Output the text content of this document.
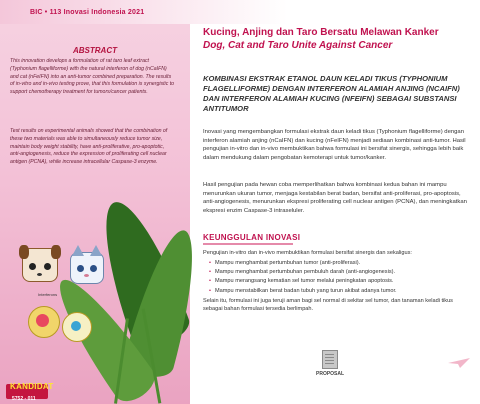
BIC • 113 Inovasi Indonesia 2021
ABSTRACT
This innovation develops a formulation of rat taro leaf extract (Typhonium flagelliforme) with the natural interferon of dog (nCaIFN) and cat (nFeIFN) into an anti-tumor combined preparation. The results of in-vitro and in-vivo testing prove, that this formulation is synergistic to support chemotherapy treatment for tumors/cancer patients.
Test results on experimental animals showed that the combination of these two materials was able to simultaneously reduce tumor size, maintain body weight stability, have anti-proliferative, pro-apoptotic, anti-angiogenesis, reduce the expression of proliferating cell nuclear antigen (PCNA), while increase intracellular Caspase-3 enzyme.
Interferons
KANDIDAT
5752 - 011
Kucing, Anjing dan Taro Bersatu Melawan Kanker
Dog, Cat and Taro Unite Against Cancer
KOMBINASI EKSTRAK ETANOL DAUN KELADI TIKUS (TYPHONIUM FLAGELLIFORME) DENGAN INTERFERON ALAMIAH ANJING (NCAIFN) DAN INTERFERON ALAMIAH KUCING (NFEIFN) SEBAGAI SUBSTANSI ANTITUMOR
Inovasi yang mengembangkan formulasi ekstrak daun keladi tikus (Typhonium flagelliforme) dengan interferon alamiah anjing (nCaIFN) dan kucing (nFeIFN) menjadi sediaan kombinasi anti-tumor. Hasil pengujian in-vitro dan in-vivo membuktikan bahwa formulasi ini bersifat sinergis, sehingga lebih baik dalam mendukung dalam pengobatan kemoterapi untuk tumor/kanker.
Hasil pengujian pada hewan coba memperlihatkan bahwa kombinasi kedua bahan ini mampu menurunkan ukuran tumor, menjaga kestabilan berat badan, bersifat anti-proliferasi, pro-apoptosis, anti-angiogenesis, menurunkan ekspresi proliferating cell nuclear antigen (PCNA), dan meningkatkan ekspresi enzim Caspase-3 intraseluler.
KEUNGGULAN INOVASI
Pengujian in-vitro dan in-vivo membuktikan formulasi bersifat sinergis dan sekaligus:
• Mampu menghambat pertumbuhan tumor (anti-proliferasi).
• Mampu menghambat pertumbuhan pembuluh darah (anti-angiogenesis).
• Mampu merangsang kematian sel tumor melalui peningkatan apoptosis.
• Mampu menstabilkan berat badan tubuh yang turun akibat adanya tumor.
Selain itu, formulasi ini juga teruji aman bagi sel normal di sekitar sel tumor, dan tanaman keladi tikus sebagai bahan formulasi tersedia berlimpah.
PROPOSAL
